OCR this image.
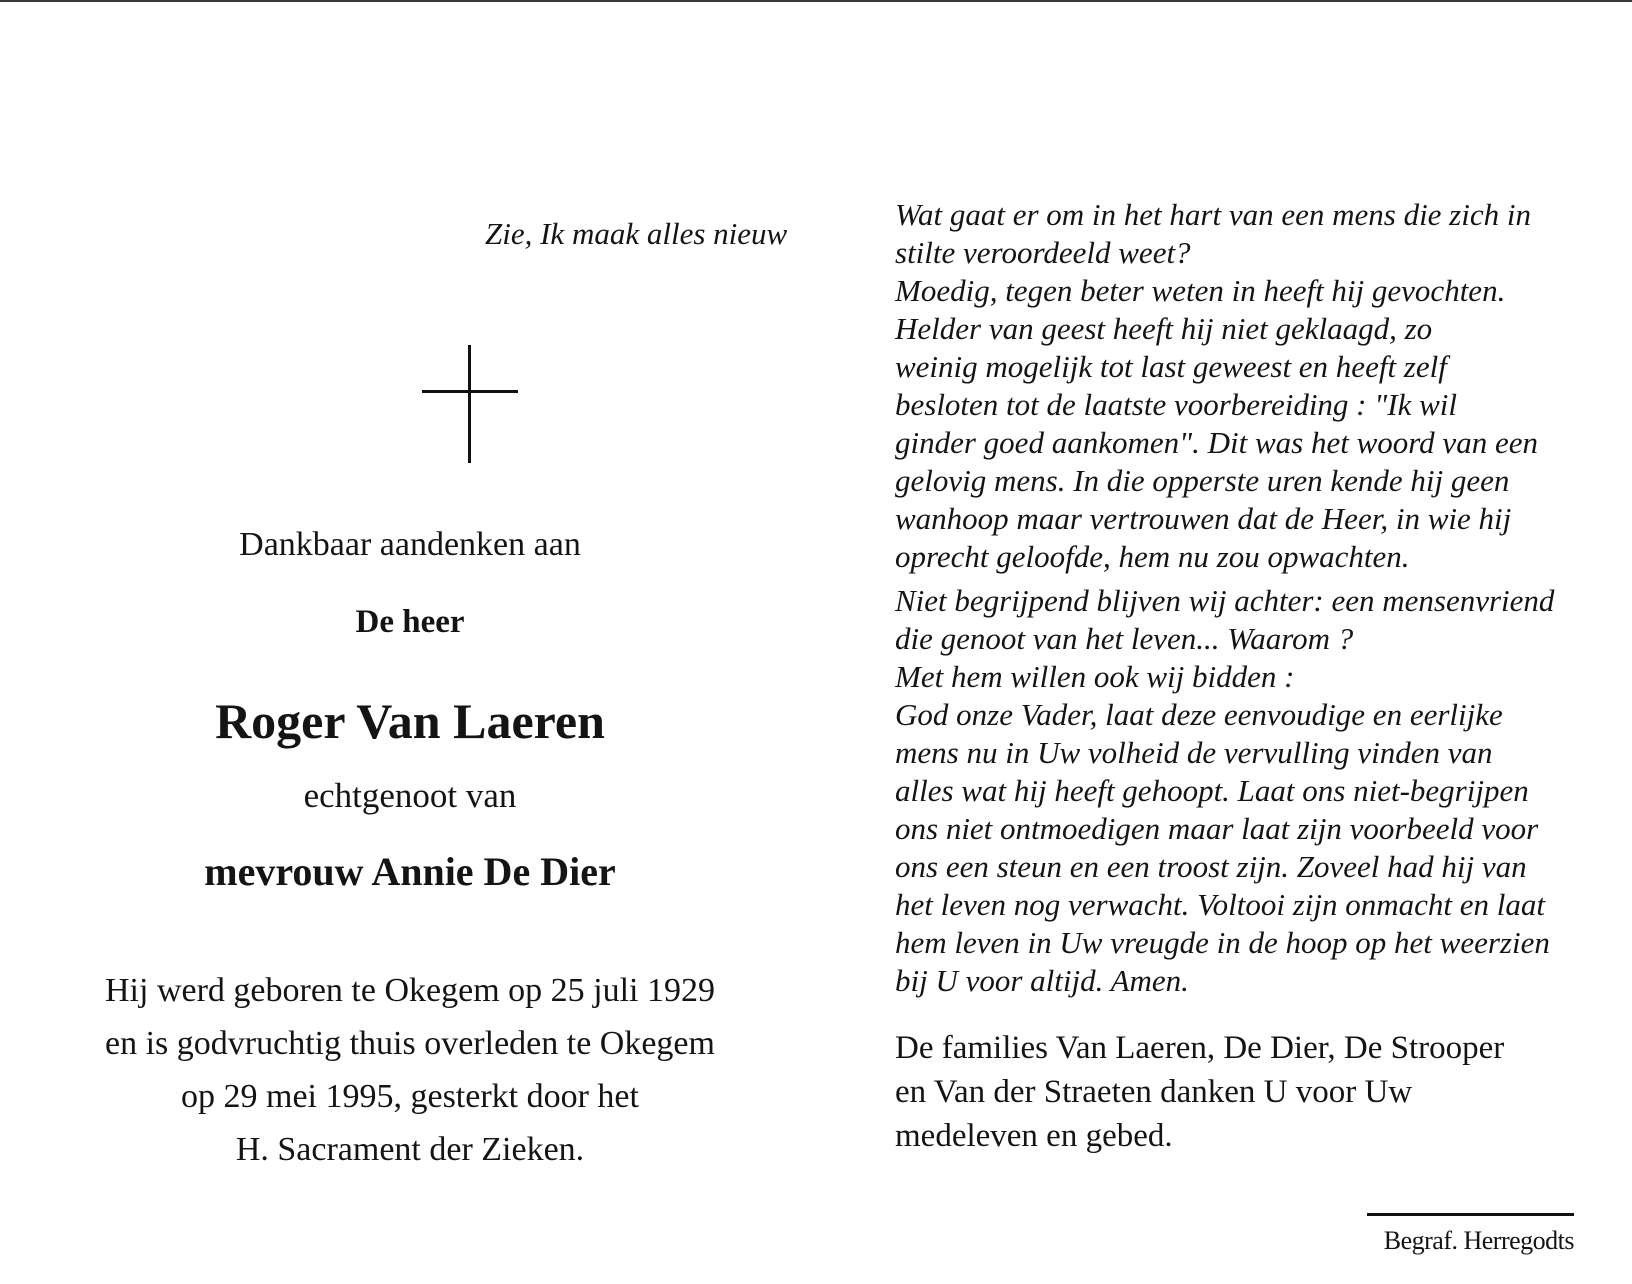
Zie, Ik maak alles nieuw
Dankbaar aandenken aan
De heer
Roger Van Laeren
echtgenoot van
mevrouw Annie De Dier
Hij werd geboren te Okegem op 25 juli 1929
en is godvruchtig thuis overleden te Okegem
op 29 mei 1995, gesterkt door het
H. Sacrament der Zieken.
Wat gaat er om in het hart van een mens die zich in
stilte veroordeeld weet?
Moedig, tegen beter weten in heeft hij gevochten.
Helder van geest heeft hij niet geklaagd, zo
weinig mogelijk tot last geweest en heeft zelf
besloten tot de laatste voorbereiding : "Ik wil
ginder goed aankomen". Dit was het woord van een
gelovig mens. In die opperste uren kende hij geen
wanhoop maar vertrouwen dat de Heer, in wie hij
oprecht geloofde, hem nu zou opwachten.
Niet begrijpend blijven wij achter: een mensenvriend
die genoot van het leven... Waarom ?
Met hem willen ook wij bidden :
God onze Vader, laat deze eenvoudige en eerlijke
mens nu in Uw volheid de vervulling vinden van
alles wat hij heeft gehoopt. Laat ons niet-begrijpen
ons niet ontmoedigen maar laat zijn voorbeeld voor
ons een steun en een troost zijn. Zoveel had hij van
het leven nog verwacht. Voltooi zijn onmacht en laat
hem leven in Uw vreugde in de hoop op het weerzien
bij U voor altijd. Amen.
De families Van Laeren, De Dier, De Strooper
en Van der Straeten danken U voor Uw
medeleven en gebed.
Begraf. Herregodts
